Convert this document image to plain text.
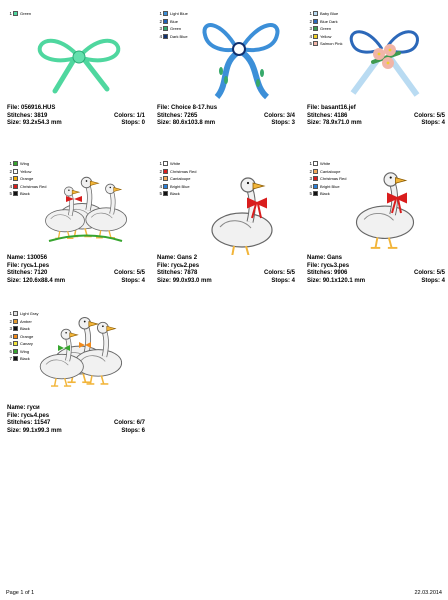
1 Green
File: 056916.HUS
Stitches: 3819	Colors: 1/1
Size: 93.2x54.3 mm	Stops: 0
1 Light Blue
2 Blue
3 Green
4 Dark Blue
File: Choice 8-17.hus
Stitches: 7265	Colors: 3/4
Size: 80.6x103.8 mm	Stops: 3
1 Baby Blue
2 Blue Dark
3 Green
4 Yellow
5 Salmon Pink
File: basant16.jef
Stitches: 4186	Colors: 5/5
Size: 78.9x71.0 mm	Stops: 4
1 Wing
2 Yellow
3 Orange
4 Christmas Red
5 Black
Name: 130056
File: гусь1.pes
Stitches: 7120	Colors: 5/5
Size: 120.6x88.4 mm	Stops: 4
1 White
2 Christmas Red
3 Cantaloupe
4 Bright Blue
5 Black
Name: Gans 2
File: гусь2.pes
Stitches: 7878	Colors: 5/5
Size: 99.0x93.0 mm	Stops: 4
1 White
2 Cantaloupe
3 Christmas Red
4 Bright Blue
5 Black
Name: Gans
File: гусь3.pes
Stitches: 9906	Colors: 5/5
Size: 90.1x120.1 mm	Stops: 4
1 Light Gray
2 Amber
3 Black
4 Orange
5 Canary
6 Wing
7 Black
Name: гуси
File: гусь4.pes
Stitches: 11547	Colors: 6/7
Size: 99.1x99.3 mm	Stops: 6
Page 1 of 1	22.03.2014
